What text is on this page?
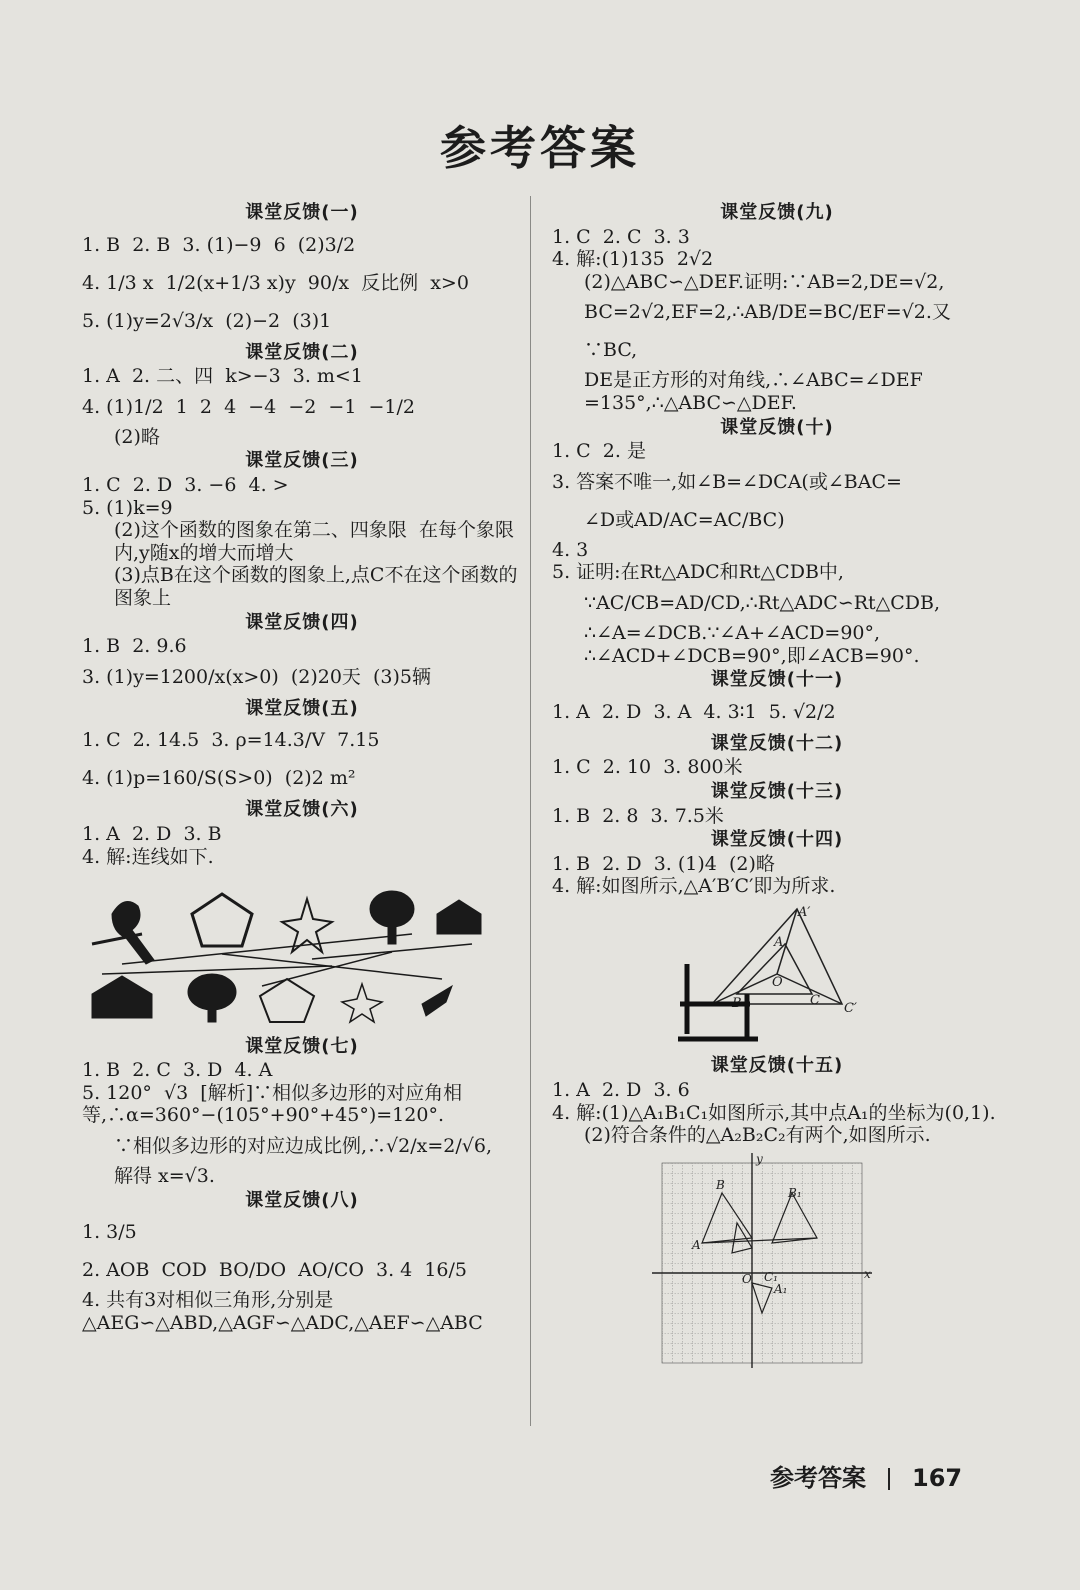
参考答案
课堂反馈(一)
1. B  2. B  3. (1)−9  6  (2)3/2
4. 1/3 x  1/2(x+1/3 x)y  90/x  反比例  x>0
5. (1)y=2√3/x  (2)−2  (3)1
课堂反馈(二)
1. A  2. 二、四  k>−3  3. m<1
4. (1)1/2  1  2  4  −4  −2  −1  −1/2
(2)略
课堂反馈(三)
1. C  2. D  3. −6  4. >
5. (1)k=9
(2)这个函数的图象在第二、四象限  在每个象限内,y随x的增大而增大
(3)点B在这个函数的图象上,点C不在这个函数的图象上
课堂反馈(四)
1. B  2. 9.6
3. (1)y=1200/x(x>0)  (2)20天  (3)5辆
课堂反馈(五)
1. C  2. 14.5  3. ρ=14.3/V  7.15
4. (1)p=160/S(S>0)  (2)2 m²
课堂反馈(六)
1. A  2. D  3. B
4. 解:连线如下.
课堂反馈(七)
1. B  2. C  3. D  4. A
5. 120°  √3  [解析]∵相似多边形的对应角相等,∴α=360°−(105°+90°+45°)=120°.
∵相似多边形的对应边成比例,∴√2/x=2/√6,
解得 x=√3.
课堂反馈(八)
1. 3/5
2. AOB  COD  BO/DO  AO/CO  3. 4  16/5
4. 共有3对相似三角形,分别是△AEG∽△ABD,△AGF∽△ADC,△AEF∽△ABC
课堂反馈(九)
1. C  2. C  3. 3
4. 解:(1)135  2√2
(2)△ABC∽△DEF.证明:∵AB=2,DE=√2,
BC=2√2,EF=2,∴AB/DE=BC/EF=√2.又∵BC,
DE是正方形的对角线,∴∠ABC=∠DEF
=135°,∴△ABC∽△DEF.
课堂反馈(十)
1. C  2. 是
3. 答案不唯一,如∠B=∠DCA(或∠BAC=
∠D或AD/AC=AC/BC)
4. 3
5. 证明:在Rt△ADC和Rt△CDB中,
∵AC/CB=AD/CD,∴Rt△ADC∽Rt△CDB,
∴∠A=∠DCB.∵∠A+∠ACD=90°,
∴∠ACD+∠DCB=90°,即∠ACB=90°.
课堂反馈(十一)
1. A  2. D  3. A  4. 3∶1  5. √2/2
课堂反馈(十二)
1. C  2. 10  3. 800米
课堂反馈(十三)
1. B  2. 8  3. 7.5米
课堂反馈(十四)
1. B  2. D  3. (1)4  (2)略
4. 解:如图所示,△A′B′C′即为所求.
A′
A
O
B	C
C′
课堂反馈(十五)
1. A  2. D  3. 6
4. 解:(1)△A₁B₁C₁如图所示,其中点A₁的坐标为(0,1).
(2)符合条件的△A₂B₂C₂有两个,如图所示.
y
x
B
B₁
A
O C₁
A₁
参考答案 167
